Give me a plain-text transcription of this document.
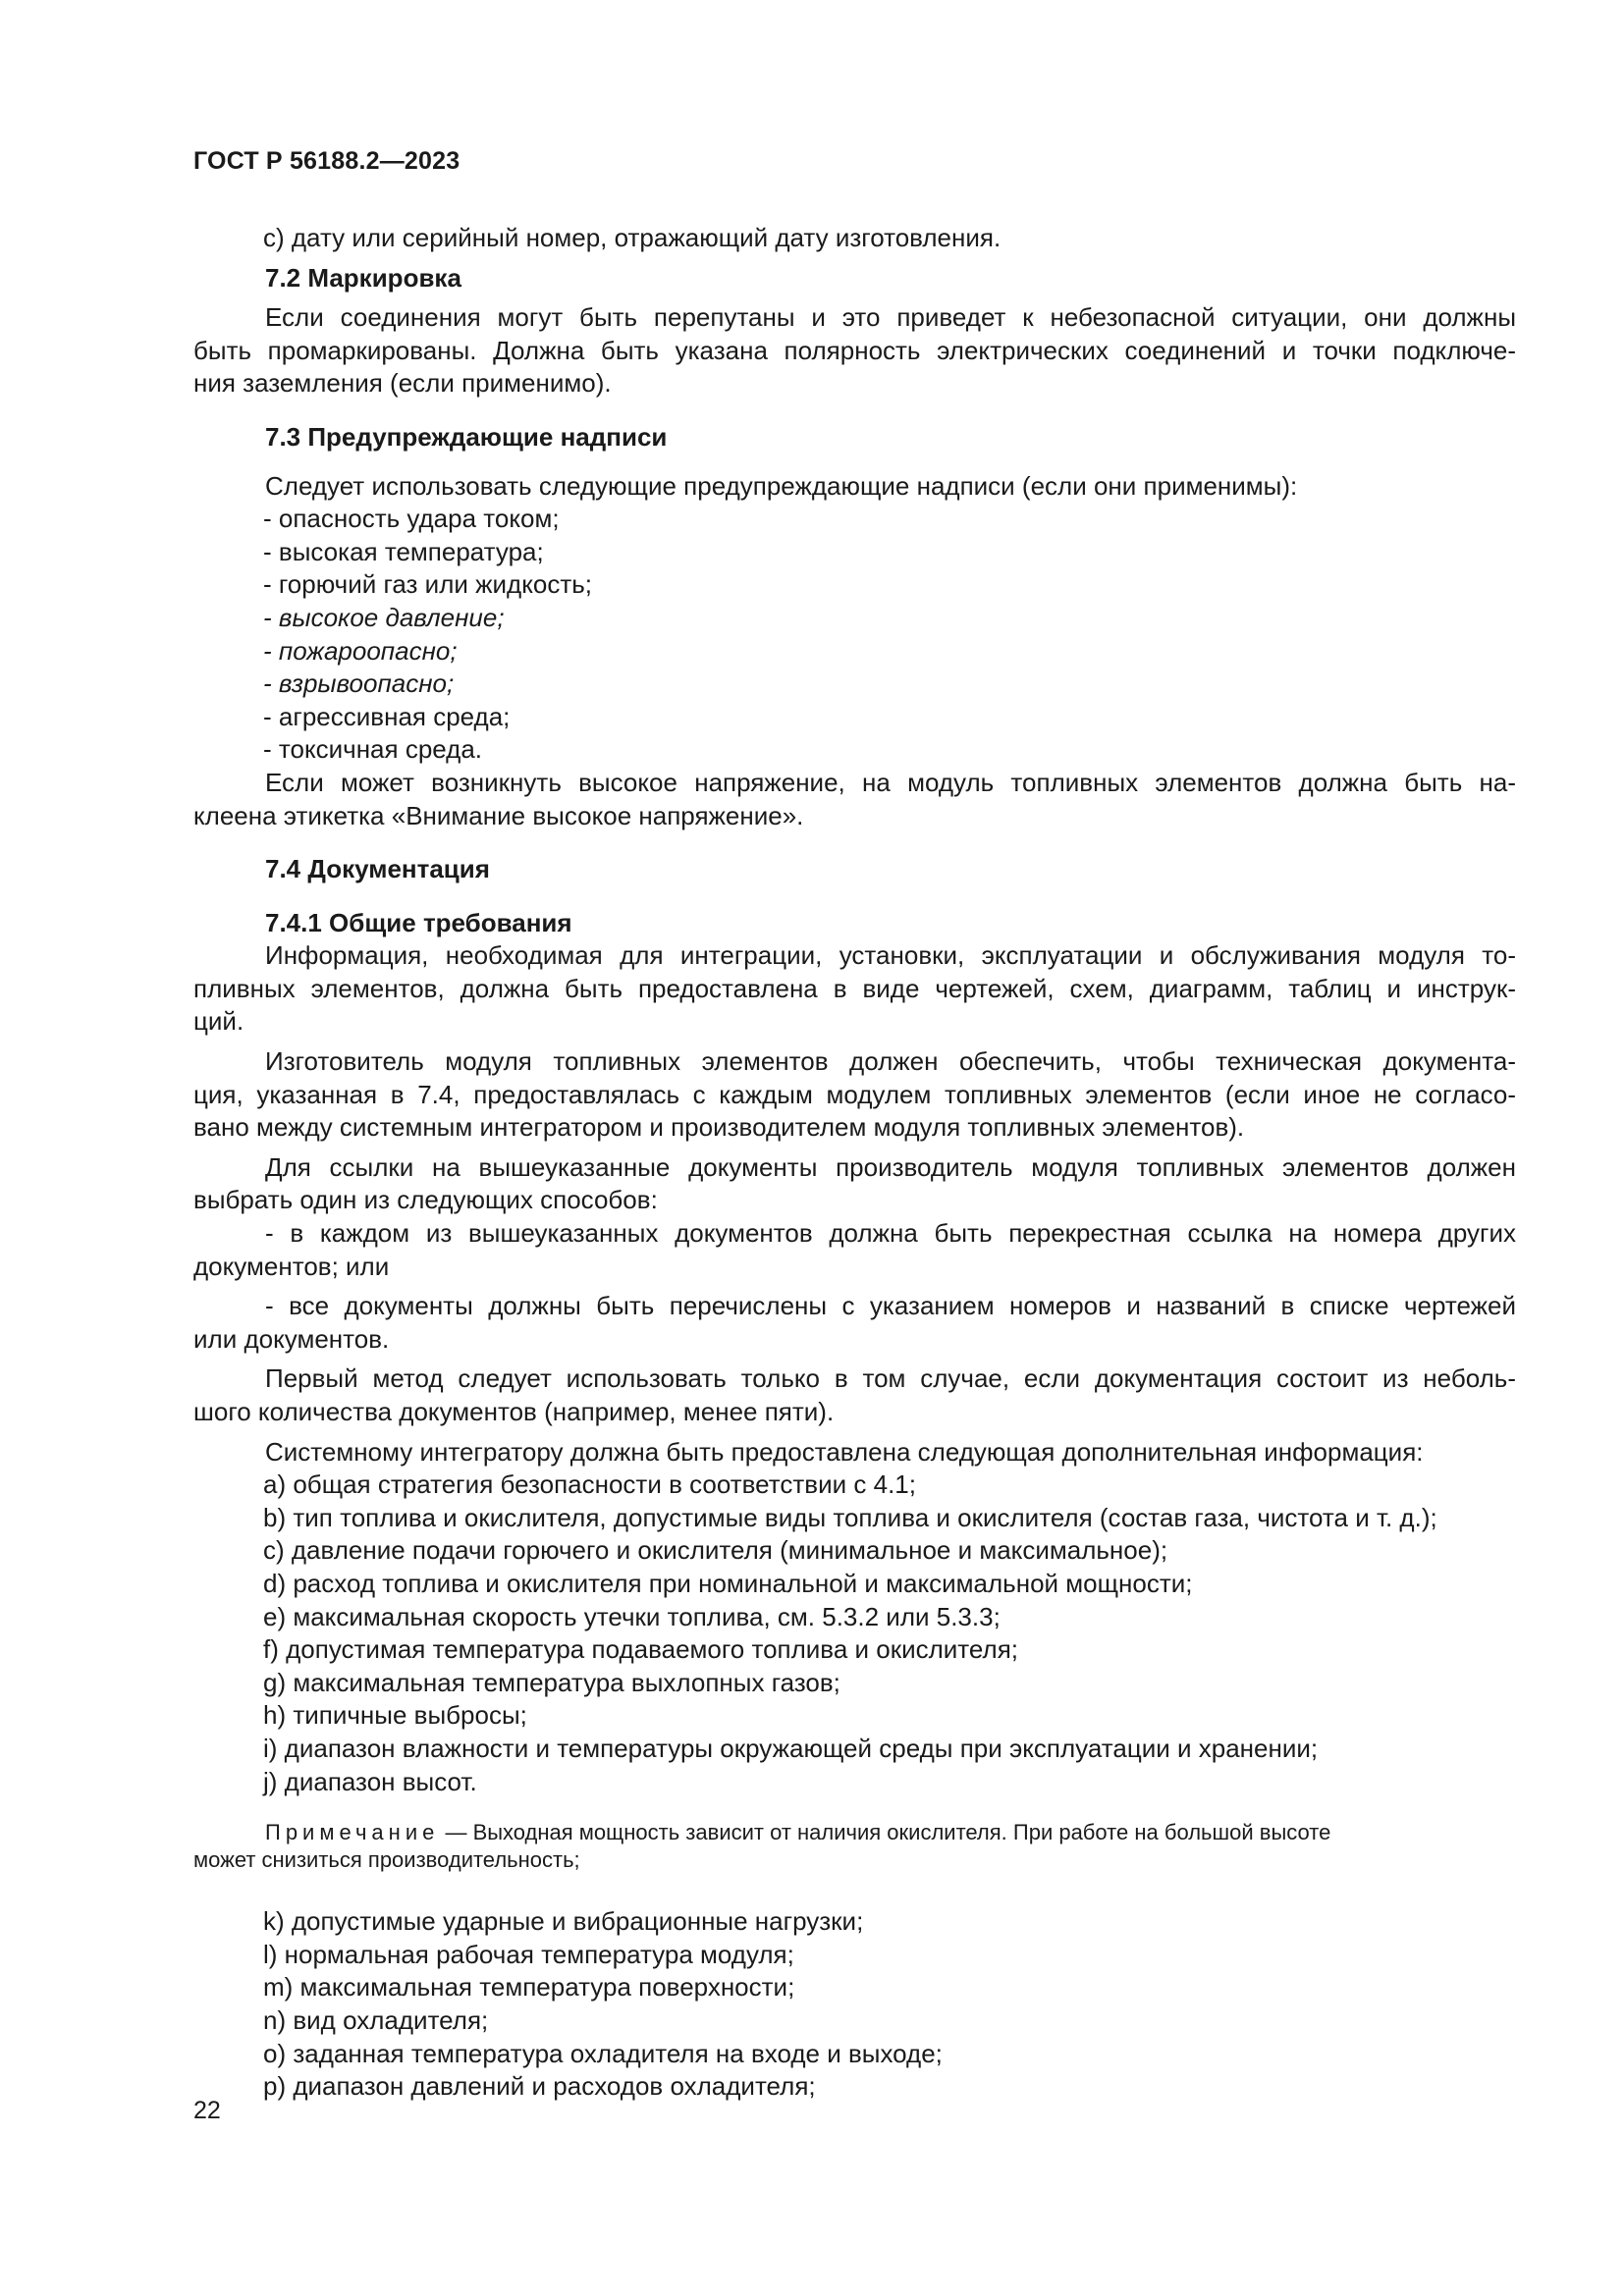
ГОСТ Р 56188.2—2023
с) дату или серийный номер, отражающий дату изготовления.
7.2 Маркировка
Если соединения могут быть перепутаны и это приведет к небезопасной ситуации, они должны
быть промаркированы. Должна быть указана полярность электрических соединений и точки подключе-
ния заземления (если применимо).
7.3 Предупреждающие надписи
Следует использовать следующие предупреждающие надписи (если они применимы):
- опасность удара током;
- высокая температура;
- горючий газ или жидкость;
- высокое давление;
- пожароопасно;
- взрывоопасно;
- агрессивная среда;
- токсичная среда.
Если может возникнуть высокое напряжение, на модуль топливных элементов должна быть на-
клеена этикетка «Внимание высокое напряжение».
7.4 Документация
7.4.1 Общие требования
Информация, необходимая для интеграции, установки, эксплуатации и обслуживания модуля то-
пливных элементов, должна быть предоставлена в виде чертежей, схем, диаграмм, таблиц и инструк-
ций.
Изготовитель модуля топливных элементов должен обеспечить, чтобы техническая документа-
ция, указанная в 7.4, предоставлялась с каждым модулем топливных элементов (если иное не согласо-
вано между системным интегратором и производителем модуля топливных элементов).
Для ссылки на вышеуказанные документы производитель модуля топливных элементов должен
выбрать один из следующих способов:
- в каждом из вышеуказанных документов должна быть перекрестная ссылка на номера других
документов; или
- все документы должны быть перечислены с указанием номеров и названий в списке чертежей
или документов.
Первый метод следует использовать только в том случае, если документация состоит из неболь-
шого количества документов (например, менее пяти).
Системному интегратору должна быть предоставлена следующая дополнительная информация:
a) общая стратегия безопасности в соответствии с 4.1;
b) тип топлива и окислителя, допустимые виды топлива и окислителя (состав газа, чистота и т. д.);
c) давление подачи горючего и окислителя (минимальное и максимальное);
d) расход топлива и окислителя при номинальной и максимальной мощности;
e) максимальная скорость утечки топлива, см. 5.3.2 или 5.3.3;
f) допустимая температура подаваемого топлива и окислителя;
g) максимальная температура выхлопных газов;
h) типичные выбросы;
i) диапазон влажности и температуры окружающей среды при эксплуатации и хранении;
j) диапазон высот.
Примечание — Выходная мощность зависит от наличия окислителя. При работе на большой высоте
может снизиться производительность;
k) допустимые ударные и вибрационные нагрузки;
l) нормальная рабочая температура модуля;
m) максимальная температура поверхности;
n) вид охладителя;
o) заданная температура охладителя на входе и выходе;
p) диапазон давлений и расходов охладителя;
22
